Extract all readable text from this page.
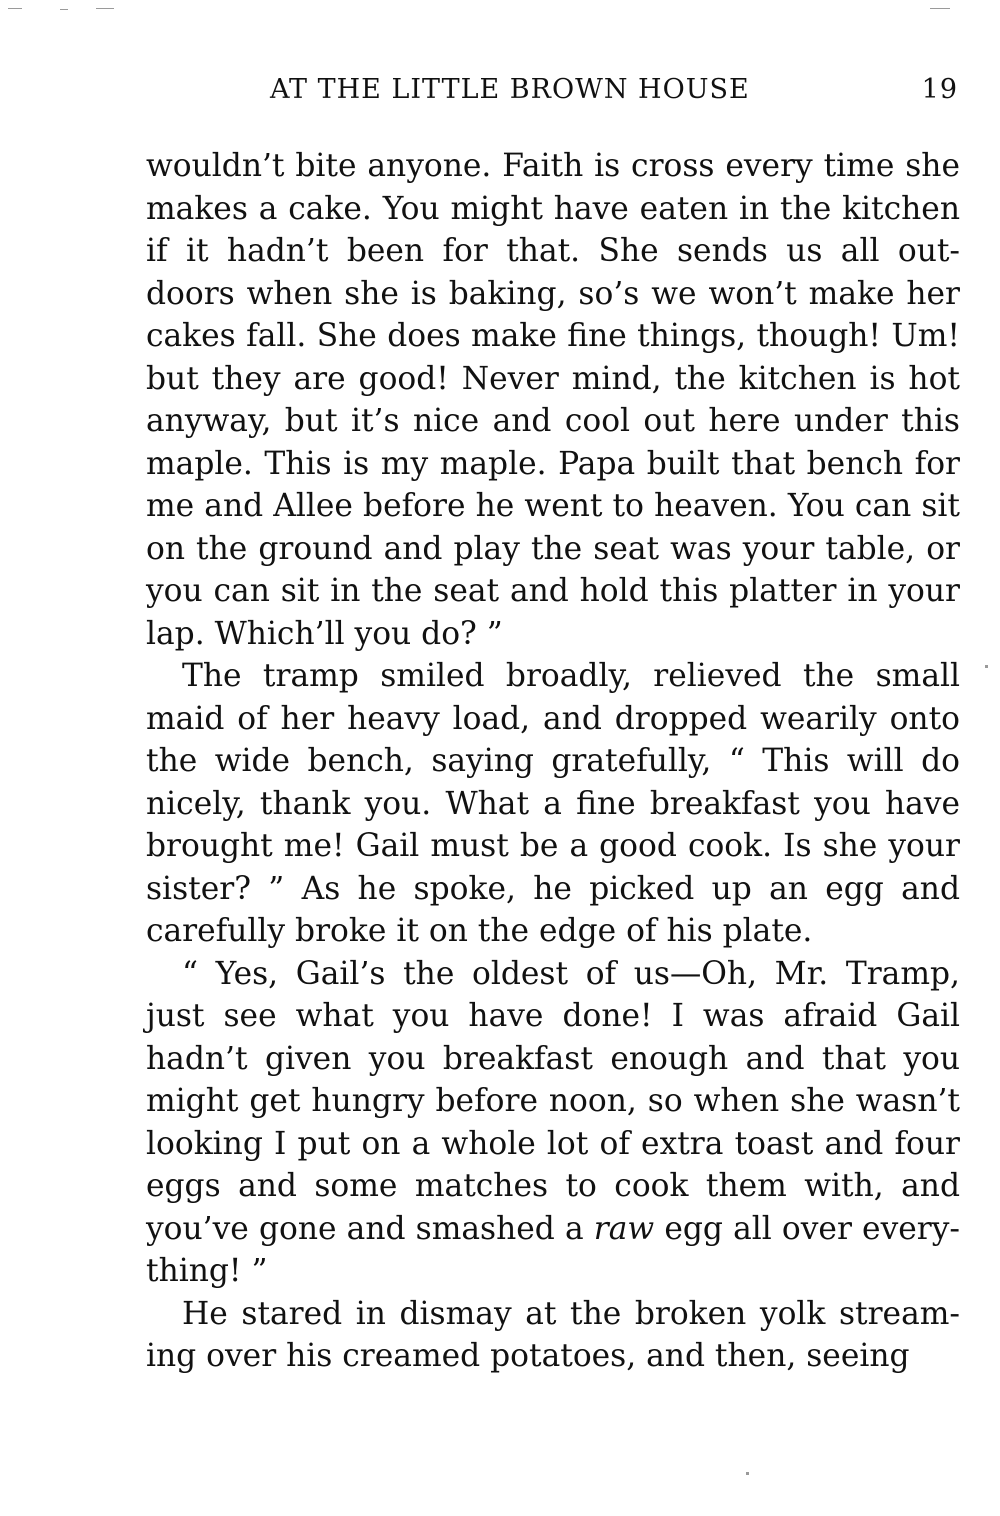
AT THE LITTLE BROWN HOUSE	19

wouldn’t bite anyone. Faith is cross every time she makes a cake. You might have eaten in the kitchen if it hadn’t been for that. She sends us all out-doors when she is baking, so’s we won’t make her cakes fall. She does make fine things, though! Um! but they are good! Never mind, the kitchen is hot anyway, but it’s nice and cool out here under this maple. This is my maple. Papa built that bench for me and Allee before he went to heaven. You can sit on the ground and play the seat was your table, or you can sit in the seat and hold this platter in your lap. Which’ll you do? ”

The tramp smiled broadly, relieved the small maid of her heavy load, and dropped wearily onto the wide bench, saying gratefully, “ This will do nicely, thank you. What a fine breakfast you have brought me! Gail must be a good cook. Is she your sister? ” As he spoke, he picked up an egg and carefully broke it on the edge of his plate.

“ Yes, Gail’s the oldest of us—Oh, Mr. Tramp, just see what you have done! I was afraid Gail hadn’t given you breakfast enough and that you might get hungry before noon, so when she wasn’t looking I put on a whole lot of extra toast and four eggs and some matches to cook them with, and you’ve gone and smashed a raw egg all over everything! ”

He stared in dismay at the broken yolk streaming over his creamed potatoes, and then, seeing
